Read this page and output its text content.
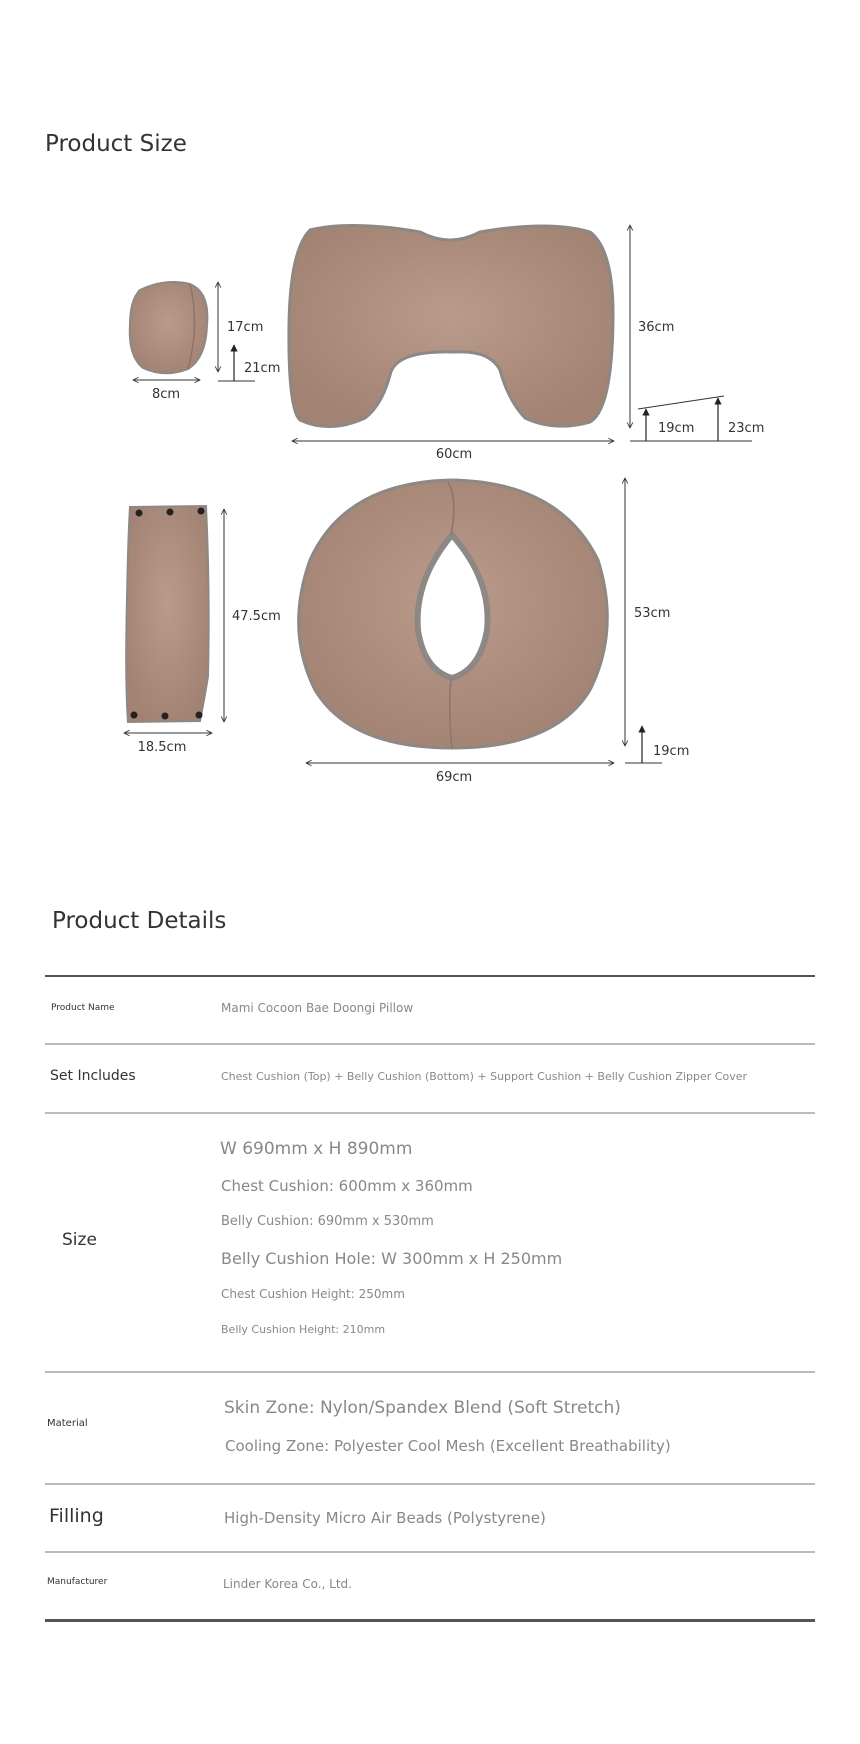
Product Size
17cm
21cm
8cm
36cm
60cm
19cm	23cm
47.5cm
18.5cm
53cm
69cm
19cm
Product Details
Product Name	Mami Cocoon Bae Doongi Pillow
Set Includes	Chest Cushion (Top) + Belly Cushion (Bottom) + Support Cushion + Belly Cushion Zipper Cover
Size
W 690mm x H 890mm
Chest Cushion: 600mm x 360mm
Belly Cushion: 690mm x 530mm
Belly Cushion Hole: W 300mm x H 250mm
Chest Cushion Height: 250mm
Belly Cushion Height: 210mm
Material
Skin Zone: Nylon/Spandex Blend (Soft Stretch)
Cooling Zone: Polyester Cool Mesh (Excellent Breathability)
Filling	High-Density Micro Air Beads (Polystyrene)
Manufacturer	Linder Korea Co., Ltd.
